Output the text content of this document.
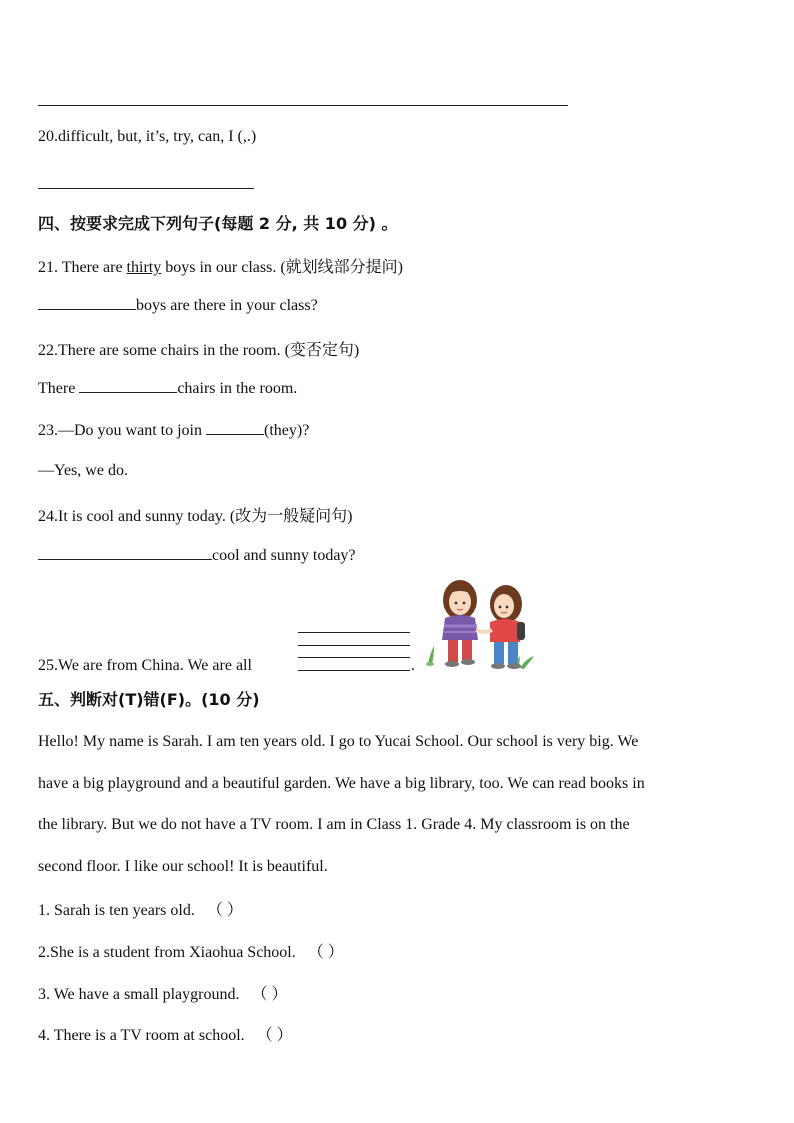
20.difficult, but, it’s, try, can, I (,.)
四、按要求完成下列句子(每题 2 分, 共 10 分) 。
21. There are thirty boys in our class. (就划线部分提问)
boys are there in your class?
22.There are some chairs in the room. (变否定句)
There	chairs in the room.
23.—Do you want to join	(they)?
—Yes, we do.
24.It is cool and sunny today. (改为一般疑问句)
cool and sunny today?
25.We are from China. We are all	.
五、判断对(T)错(F)。(10 分)
Hello! My name is Sarah. I am ten years old. I go to Yucai School. Our school is very big. We
have a big playground and a beautiful garden. We have a big library, too. We can read books in
the library. But we do not have a TV room. I am in Class 1. Grade 4. My classroom is on the
second floor. I like our school! It is beautiful.
1. Sarah is ten years old. （ ）
2.She is a student from Xiaohua School. （ ）
3. We have a small playground. （ ）
4. There is a TV room at school. （ ）
